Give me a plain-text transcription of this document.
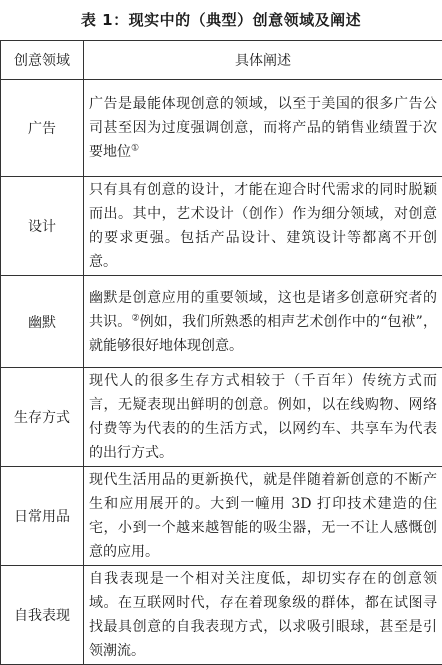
表 1：现实中的（典型）创意领域及阐述
创意领域	具体阐述
广告	广告是最能体现创意的领域，以至于美国的很多广告公司甚至因为过度强调创意，而将产品的销售业绩置于次要地位①
设计	只有具有创意的设计，才能在迎合时代需求的同时脱颖而出。其中，艺术设计（创作）作为细分领域，对创意的要求更强。包括产品设计、建筑设计等都离不开创意。
幽默	幽默是创意应用的重要领域，这也是诸多创意研究者的共识。②例如，我们所熟悉的相声艺术创作中的“包袱”，就能够很好地体现创意。
生存方式	现代人的很多生存方式相较于（千百年）传统方式而言，无疑表现出鲜明的创意。例如，以在线购物、网络付费等为代表的的生活方式，以网约车、共享车为代表的出行方式。
日常用品	现代生活用品的更新换代，就是伴随着新创意的不断产生和应用展开的。大到一幢用 3D 打印技术建造的住宅，小到一个越来越智能的吸尘器，无一不让人感慨创意的应用。
自我表现	自我表现是一个相对关注度低，却切实存在的创意领域。在互联网时代，存在着现象级的群体，都在试图寻找最具创意的自我表现方式，以求吸引眼球，甚至是引领潮流。
